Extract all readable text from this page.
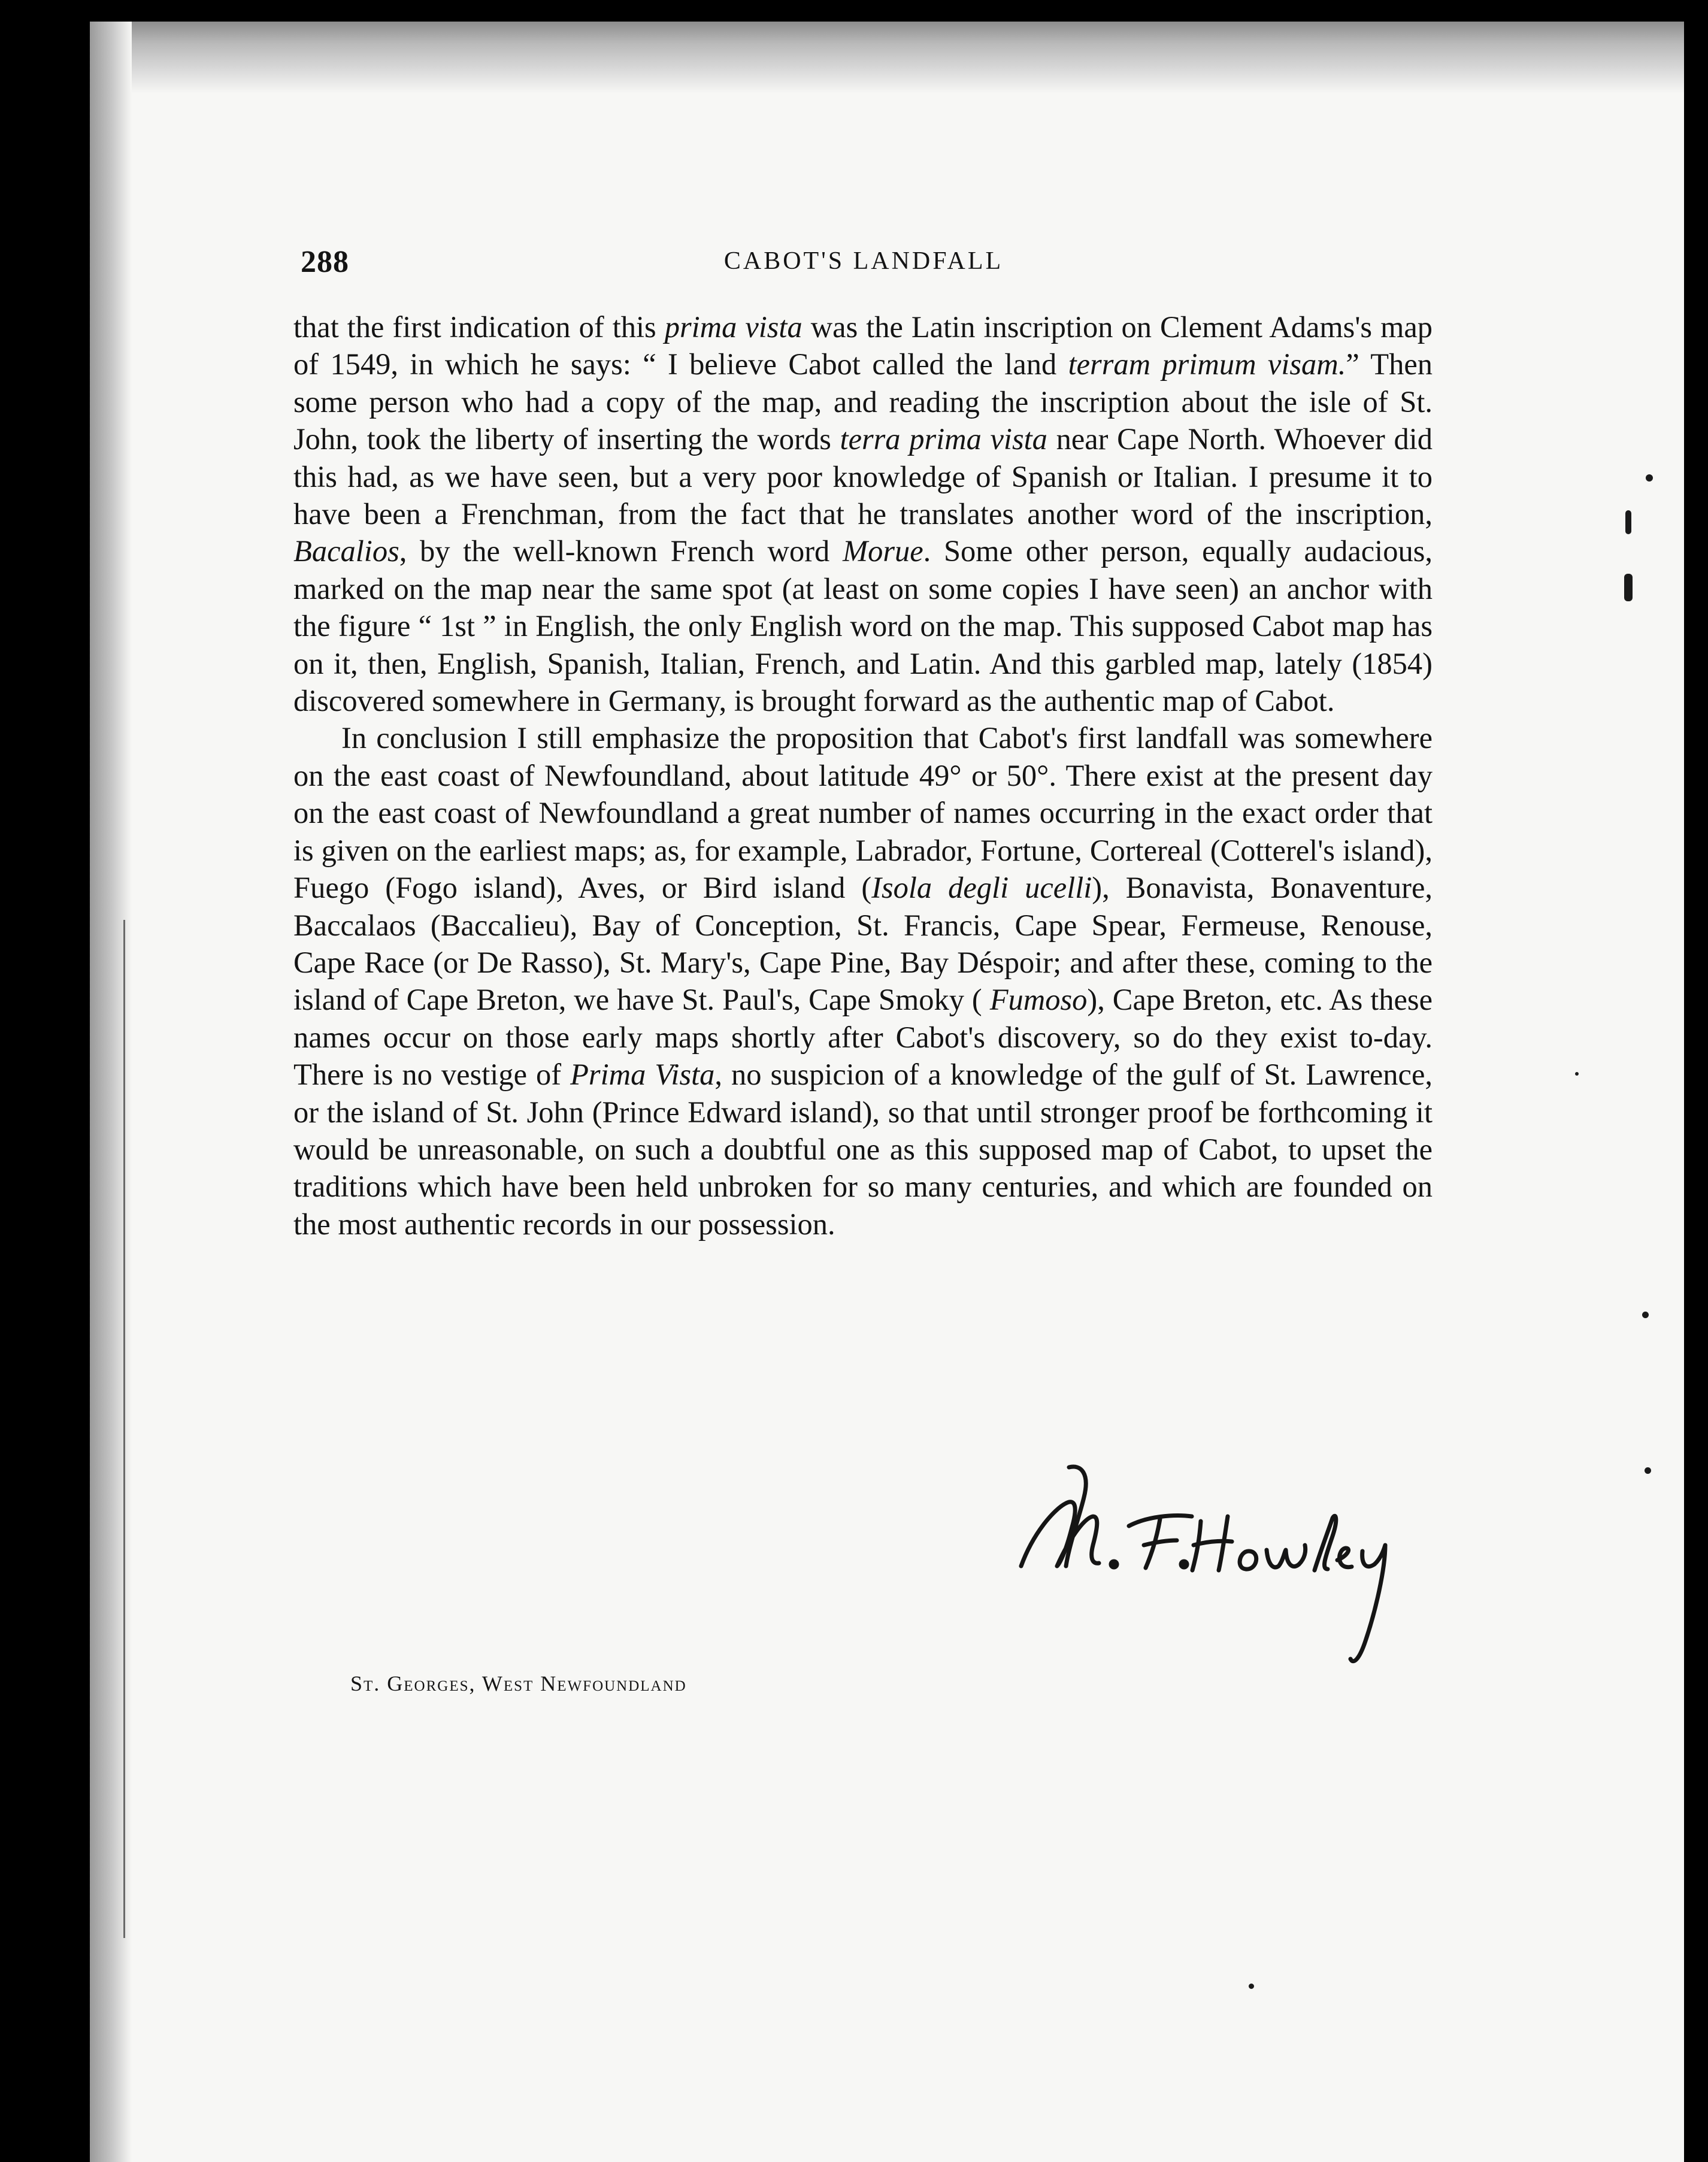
288	CABOT'S LANDFALL

that the first indication of this prima vista was the Latin inscription on Clement Adams's map of 1549, in which he says: “ I believe Cabot called the land terram primum visam.” Then some person who had a copy of the map, and reading the inscription about the isle of St. John, took the liberty of inserting the words terra prima vista near Cape North. Whoever did this had, as we have seen, but a very poor knowledge of Spanish or Italian. I presume it to have been a Frenchman, from the fact that he translates another word of the inscription, Bacalios, by the well-known French word Morue. Some other person, equally audacious, marked on the map near the same spot (at least on some copies I have seen) an anchor with the figure “ 1st ” in English, the only English word on the map. This supposed Cabot map has on it, then, English, Spanish, Italian, French, and Latin. And this garbled map, lately (1854) discovered somewhere in Germany, is brought forward as the authentic map of Cabot.

In conclusion I still emphasize the proposition that Cabot's first landfall was somewhere on the east coast of Newfoundland, about latitude 49° or 50°. There exist at the present day on the east coast of Newfoundland a great number of names occurring in the exact order that is given on the earliest maps; as, for example, Labrador, Fortune, Cortereal (Cotterel's island), Fuego (Fogo island), Aves, or Bird island (Isola degli ucelli), Bonavista, Bonaventure, Baccalaos (Baccalieu), Bay of Conception, St. Francis, Cape Spear, Fermeuse, Renouse, Cape Race (or De Rasso), St. Mary's, Cape Pine, Bay Déspoir; and after these, coming to the island of Cape Breton, we have St. Paul's, Cape Smoky ( Fumoso), Cape Breton, etc. As these names occur on those early maps shortly after Cabot's discovery, so do they exist to-day. There is no vestige of Prima Vista, no suspicion of a knowledge of the gulf of St. Lawrence, or the island of St. John (Prince Edward island), so that until stronger proof be forthcoming it would be unreasonable, on such a doubtful one as this supposed map of Cabot, to upset the traditions which have been held unbroken for so many centuries, and which are founded on the most authentic records in our possession.

St. Georges, West Newfoundland
